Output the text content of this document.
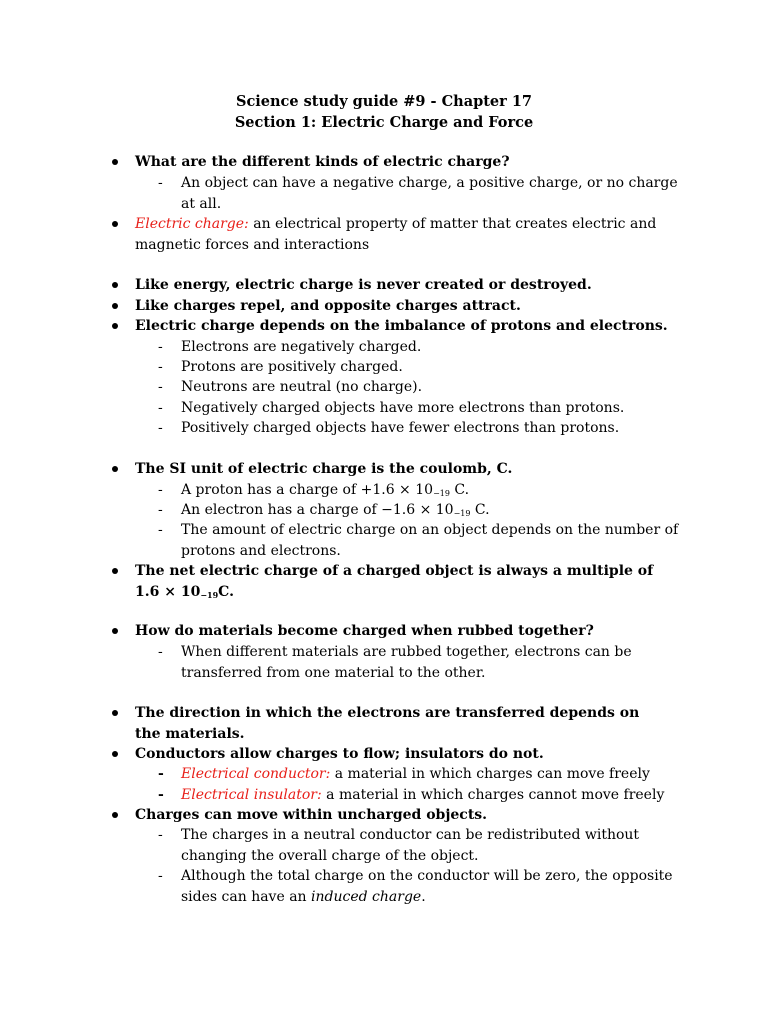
Science study guide #9 - Chapter 17
Section 1: Electric Charge and Force
What are the different kinds of electric charge?
-	An object can have a negative charge, a positive charge, or no charge at all.
Electric charge: an electrical property of matter that creates electric and magnetic forces and interactions
Like energy, electric charge is never created or destroyed.
Like charges repel, and opposite charges attract.
Electric charge depends on the imbalance of protons and electrons.
-	Electrons are negatively charged.
-	Protons are positively charged.
-	Neutrons are neutral (no charge).
-	Negatively charged objects have more electrons than protons.
-	Positively charged objects have fewer electrons than protons.
The SI unit of electric charge is the coulomb, C.
-	A proton has a charge of $+1.6 \times 10_{-19}$ C.
-	An electron has a charge of $-1.6 \times 10_{-19}$ C.
-	The amount of electric charge on an object depends on the number of protons and electrons.
The net electric charge of a charged object is always a multiple of $1.6 \times 10_{-19}C$.
How do materials become charged when rubbed together?
-	When different materials are rubbed together, electrons can be transferred from one material to the other.
The direction in which the electrons are transferred depends on the materials.
Conductors allow charges to flow; insulators do not.
- Electrical conductor: a material in which charges can move freely
- Electrical insulator: a material in which charges cannot move freely
Charges can move within uncharged objects.
-	The charges in a neutral conductor can be redistributed without changing the overall charge of the object.
-	Although the total charge on the conductor will be zero, the opposite sides can have an induced charge.
